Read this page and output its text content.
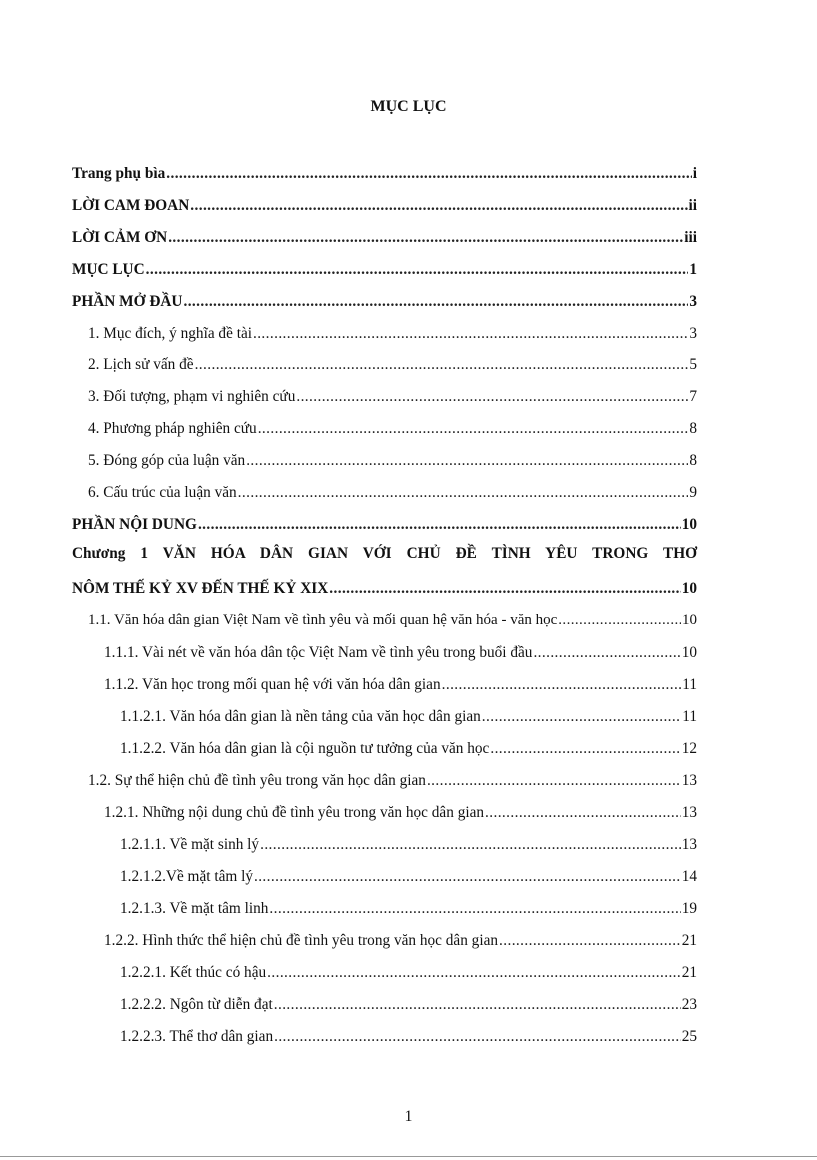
MỤC LỤC
Trang phụ bìa .....	i
LỜI CAM ĐOAN .....	ii
LỜI CẢM ƠN .....	iii
MỤC LỤC .....	1
PHẦN MỞ ĐẦU .....	3
1. Mục đích, ý nghĩa đề tài .....	3
2. Lịch sử vấn đề .....	5
3. Đối tượng, phạm vi nghiên cứu .....	7
4. Phương pháp nghiên cứu .....	8
5. Đóng góp của luận văn .....	8
6. Cấu trúc của luận văn .....	9
PHẦN NỘI DUNG .....	10
Chương 1 VĂN HÓA DÂN GIAN VỚI CHỦ ĐỀ TÌNH YÊU TRONG THƠ
NÔM THẾ KỶ XV ĐẾN THẾ KỶ XIX .....	10
1.1. Văn hóa dân gian Việt Nam về tình yêu và mối quan hệ văn hóa - văn học .....	10
1.1.1. Vài nét về văn hóa dân tộc Việt Nam về tình yêu trong buổi đầu .....	10
1.1.2. Văn học trong mối quan hệ với văn hóa dân gian .....	11
1.1.2.1. Văn hóa dân gian là nền tảng của văn học dân gian .....	11
1.1.2.2. Văn hóa dân gian là cội nguồn tư tưởng của văn học .....	12
1.2. Sự thể hiện chủ đề tình yêu trong văn học dân gian .....	13
1.2.1. Những nội dung chủ đề tình yêu trong văn học dân gian .....	13
1.2.1.1. Về mặt sinh lý .....	13
1.2.1.2.Về mặt tâm lý .....	14
1.2.1.3. Về mặt tâm linh .....	19
1.2.2. Hình thức thể hiện chủ đề tình yêu trong văn học dân gian .....	21
1.2.2.1. Kết thúc có hậu .....	21
1.2.2.2. Ngôn từ diễn đạt .....	23
1.2.2.3. Thể thơ dân gian .....	25
1
